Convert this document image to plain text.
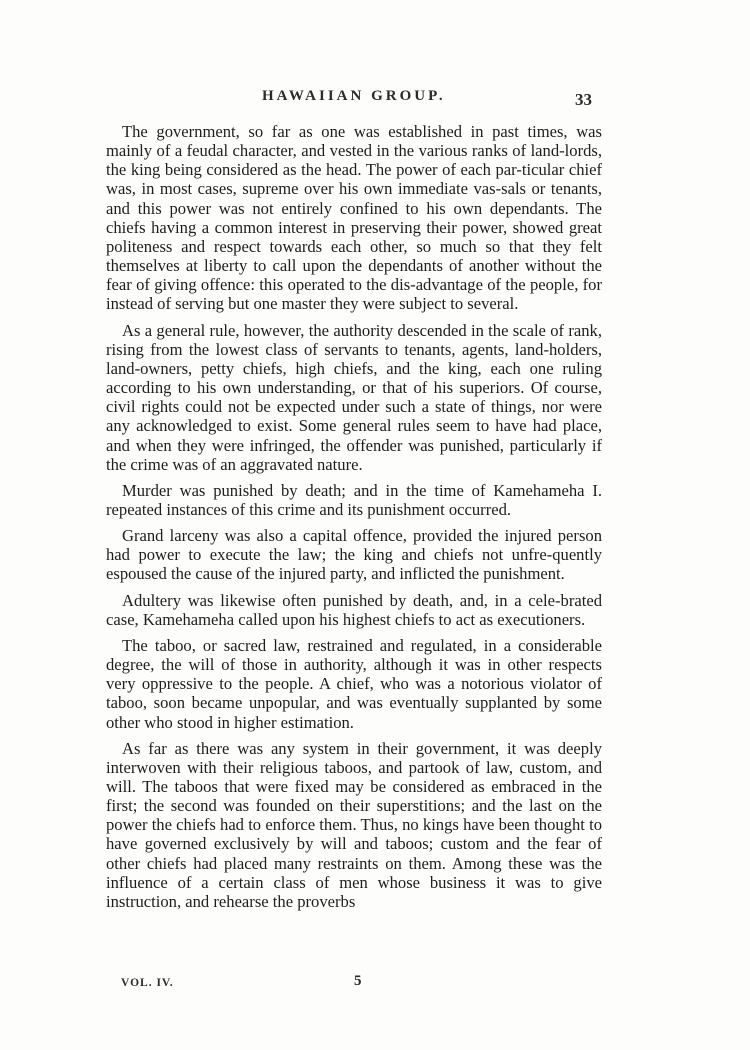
HAWAIIAN GROUP.	33

The government, so far as one was established in past times, was mainly of a feudal character, and vested in the various ranks of land-lords, the king being considered as the head. The power of each par-ticular chief was, in most cases, supreme over his own immediate vas-sals or tenants, and this power was not entirely confined to his own dependants. The chiefs having a common interest in preserving their power, showed great politeness and respect towards each other, so much so that they felt themselves at liberty to call upon the dependants of another without the fear of giving offence: this operated to the dis-advantage of the people, for instead of serving but one master they were subject to several.

As a general rule, however, the authority descended in the scale of rank, rising from the lowest class of servants to tenants, agents, land-holders, land-owners, petty chiefs, high chiefs, and the king, each one ruling according to his own understanding, or that of his superiors. Of course, civil rights could not be expected under such a state of things, nor were any acknowledged to exist. Some general rules seem to have had place, and when they were infringed, the offender was punished, particularly if the crime was of an aggravated nature.

Murder was punished by death; and in the time of Kamehameha I. repeated instances of this crime and its punishment occurred.

Grand larceny was also a capital offence, provided the injured person had power to execute the law; the king and chiefs not unfre-quently espoused the cause of the injured party, and inflicted the punishment.

Adultery was likewise often punished by death, and, in a cele-brated case, Kamehameha called upon his highest chiefs to act as executioners.

The taboo, or sacred law, restrained and regulated, in a considerable degree, the will of those in authority, although it was in other respects very oppressive to the people. A chief, who was a notorious violator of taboo, soon became unpopular, and was eventually supplanted by some other who stood in higher estimation.

As far as there was any system in their government, it was deeply interwoven with their religious taboos, and partook of law, custom, and will. The taboos that were fixed may be considered as embraced in the first; the second was founded on their superstitions; and the last on the power the chiefs had to enforce them. Thus, no kings have been thought to have governed exclusively by will and taboos; custom and the fear of other chiefs had placed many restraints on them. Among these was the influence of a certain class of men whose business it was to give instruction, and rehearse the proverbs

VOL. IV.	5
